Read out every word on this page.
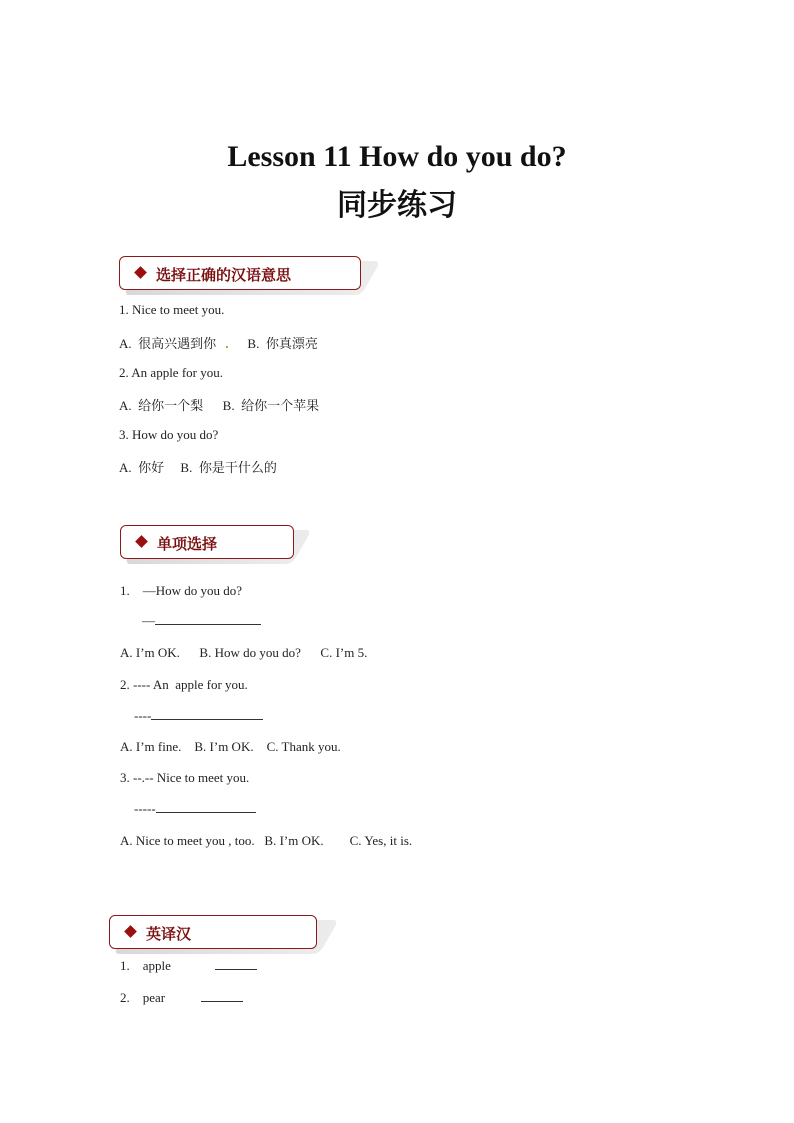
Lesson 11 How do you do?
同步练习
选择正确的汉语意思
1. Nice to meet you.
A. 很高兴遇到你 B. 你真漂亮
2. An apple for you.
A. 给你一个梨 B. 给你一个苹果
3. How do you do?
A. 你好 B. 你是干什么的
单项选择
1. —How do you do?
—
A. I’m OK.      B. How do you do?      C. I’m 5.
2. ---- An  apple for you.
----
A. I’m fine.    B. I’m OK.    C. Thank you.
3. --.-- Nice to meet you.
-----
A. Nice to meet you , too.   B. I’m OK.        C. Yes, it is.
英译汉
1. apple
2. pear
